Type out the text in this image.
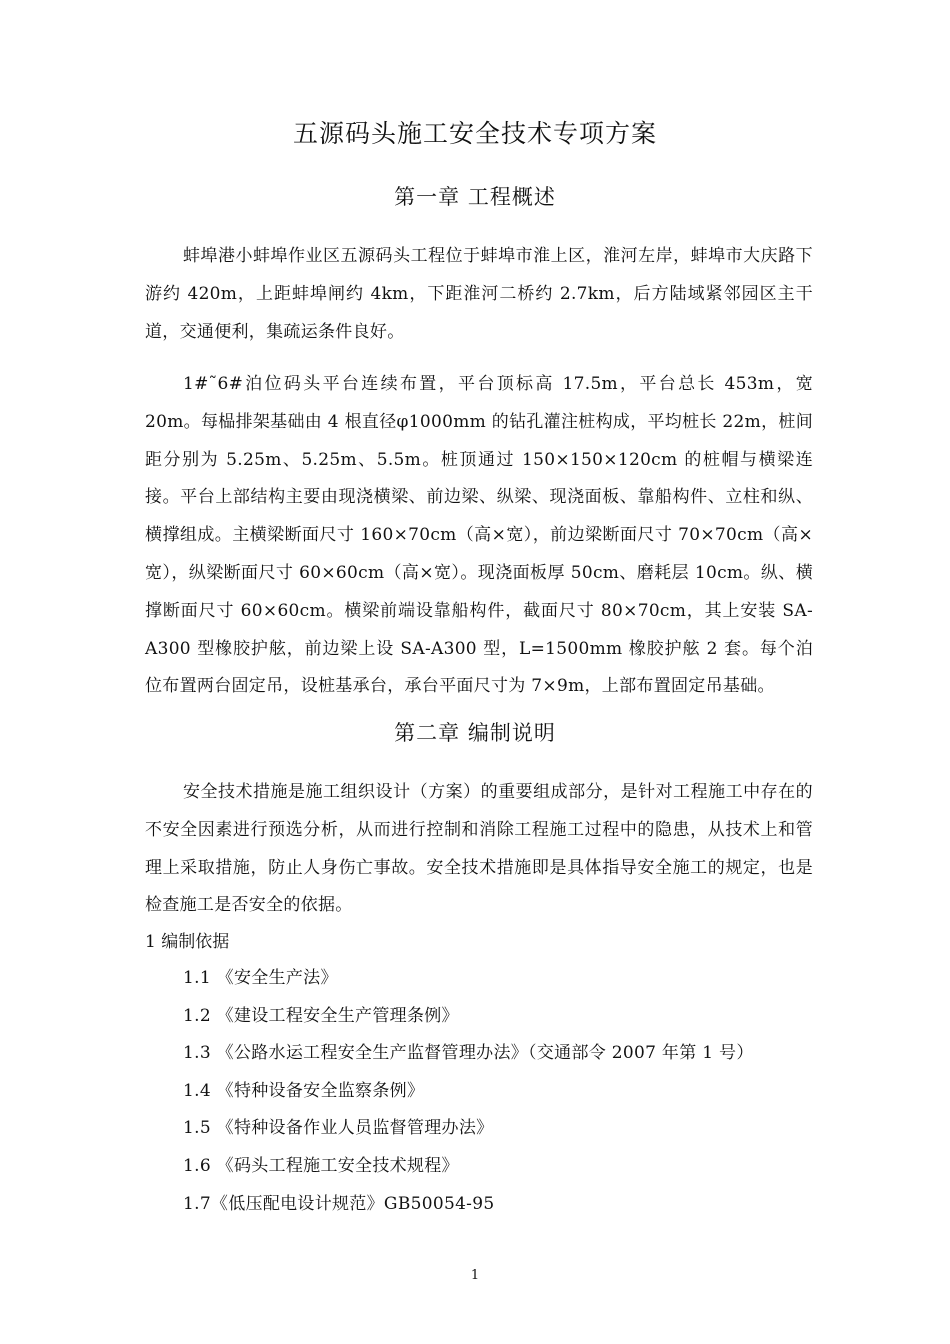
五源码头施工安全技术专项方案
第一章 工程概述
蚌埠港小蚌埠作业区五源码头工程位于蚌埠市淮上区，淮河左岸，蚌埠市大庆路下游约 420m，上距蚌埠闸约 4km，下距淮河二桥约 2.7km，后方陆域紧邻园区主干道，交通便利，集疏运条件良好。
1#˜6#泊位码头平台连续布置，平台顶标高 17.5m，平台总长 453m，宽 20m。每榀排架基础由 4 根直径φ1000mm 的钻孔灌注桩构成，平均桩长 22m，桩间距分别为 5.25m、5.25m、5.5m。桩顶通过 150×150×120cm 的桩帽与横梁连接。平台上部结构主要由现浇横梁、前边梁、纵梁、现浇面板、靠船构件、立柱和纵、横撑组成。主横梁断面尺寸 160×70cm（高×宽），前边梁断面尺寸 70×70cm（高×宽），纵梁断面尺寸 60×60cm（高×宽）。现浇面板厚 50cm、磨耗层 10cm。纵、横撑断面尺寸 60×60cm。横梁前端设靠船构件，截面尺寸 80×70cm，其上安装 SA-A300 型橡胶护舷，前边梁上设 SA-A300 型，L=1500mm 橡胶护舷 2 套。每个泊位布置两台固定吊，设桩基承台，承台平面尺寸为 7×9m，上部布置固定吊基础。
第二章 编制说明
安全技术措施是施工组织设计（方案）的重要组成部分，是针对工程施工中存在的不安全因素进行预选分析，从而进行控制和消除工程施工过程中的隐患，从技术上和管理上采取措施，防止人身伤亡事故。安全技术措施即是具体指导安全施工的规定，也是检查施工是否安全的依据。
1 编制依据
1.1 《安全生产法》
1.2 《建设工程安全生产管理条例》
1.3 《公路水运工程安全生产监督管理办法》（交通部令 2007 年第 1 号）
1.4 《特种设备安全监察条例》
1.5 《特种设备作业人员监督管理办法》
1.6 《码头工程施工安全技术规程》
1.7《低压配电设计规范》GB50054-95
1
